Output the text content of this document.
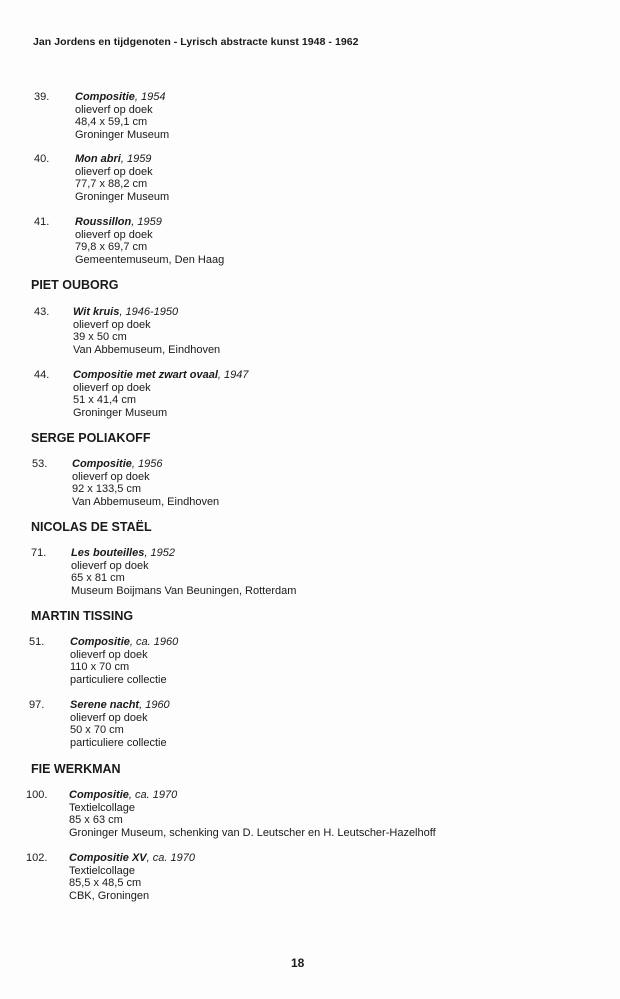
Jan Jordens en tijdgenoten - Lyrisch abstracte kunst 1948 - 1962
39. Compositie, 1954
olieverf op doek
48,4 x 59,1 cm
Groninger Museum
40. Mon abri, 1959
olieverf op doek
77,7 x 88,2 cm
Groninger Museum
41. Roussillon, 1959
olieverf op doek
79,8 x 69,7 cm
Gemeentemuseum, Den Haag
PIET OUBORG
43. Wit kruis, 1946-1950
olieverf op doek
39 x 50 cm
Van Abbemuseum, Eindhoven
44. Compositie met zwart ovaal, 1947
olieverf op doek
51 x 41,4 cm
Groninger Museum
SERGE POLIAKOFF
53. Compositie, 1956
olieverf op doek
92 x 133,5 cm
Van Abbemuseum, Eindhoven
NICOLAS DE STAËL
71. Les bouteilles, 1952
olieverf op doek
65 x 81 cm
Museum Boijmans Van Beuningen, Rotterdam
MARTIN TISSING
51. Compositie, ca. 1960
olieverf op doek
110 x 70 cm
particuliere collectie
97. Serene nacht, 1960
olieverf op doek
50 x 70 cm
particuliere collectie
FIE WERKMAN
100. Compositie, ca. 1970
Textielcollage
85 x 63 cm
Groninger Museum, schenking van D. Leutscher en H. Leutscher-Hazelhoff
102. Compositie XV, ca. 1970
Textielcollage
85,5 x 48,5 cm
CBK, Groningen
18
